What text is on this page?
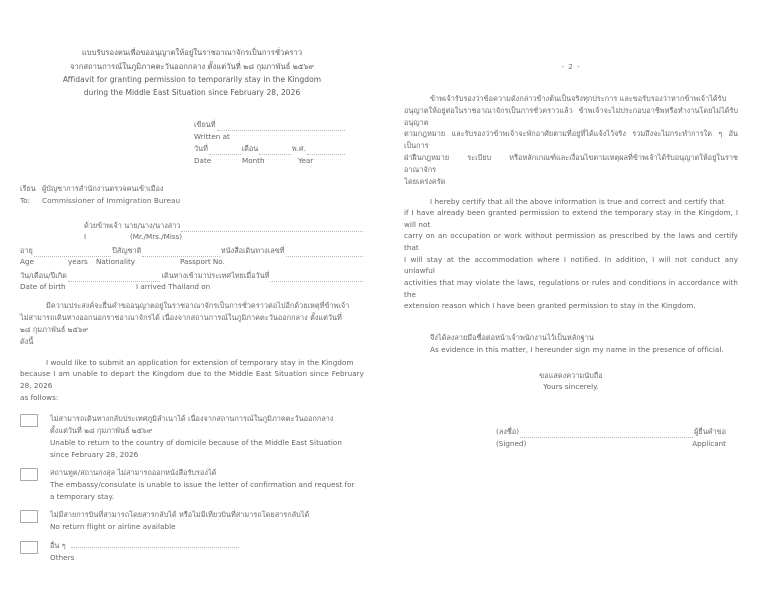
แบบรับรองตนเพื่อขออนุญาตให้อยู่ในราชอาณาจักรเป็นการชั่วคราว
จากสถานการณ์ในภูมิภาคตะวันออกกลาง ตั้งแต่วันที่ ๒๘ กุมภาพันธ์ ๒๕๖๙
Affidavit for granting permission to temporarily stay in the Kingdom
during the Middle East Situation since February 28, 2026
เขียนที่
Written at
วันที่	เดือน	พ.ศ.
Date	Month	Year
เรียน ผู้บัญชาการสำนักงานตรวจคนเข้าเมือง
To:	Commissioner of Immigration Bureau
ด้วยข้าพเจ้า นาย/นาง/นางสาว
I	(Mr./Mrs./Miss)
อายุ	ปี สัญชาติ	หนังสือเดินทางเลขที่
Age	years	Nationality	Passport No.
วัน/เดือน/ปีเกิด	เดินทางเข้ามาประเทศไทยเมื่อวันที่
Date of birth	I arrived Thailand on
มีความประสงค์จะยื่นคำขออนุญาตอยู่ในราชอาณาจักรเป็นการชั่วคราวต่อไปอีกด้วยเหตุที่ข้าพเจ้า
ไม่สามารถเดินทางออกนอกราชอาณาจักรได้ เนื่องจากสถานการณ์ในภูมิภาคตะวันออกกลาง ตั้งแต่วันที่
๒๘ กุมภาพันธ์ ๒๕๖๙
ดังนี้
I would like to submit an application for extension of temporary stay in the Kingdom
because I am unable to depart the Kingdom due to the Middle East Situation since February 28, 2026
as follows:
ไม่สามารถเดินทางกลับประเทศภูมิลำเนาได้ เนื่องจากสถานการณ์ในภูมิภาคตะวันออกกลาง
ตั้งแต่วันที่ ๒๘ กุมภาพันธ์ ๒๕๖๙
Unable to return to the country of domicile because of the Middle East Situation
since February 28, 2026
สถานทูต/สถานกงสุล ไม่สามารถออกหนังสือรับรองได้
The embassy/consulate is unable to issue the letter of confirmation and request for
a temporary stay.
ไม่มีสายการบินที่สามารถโดยสารกลับได้ หรือไม่มีเที่ยวบินที่สามารถโดยสารกลับได้
No return flight or airline available
อื่น ๆ
Others
- 2 -
ข้าพเจ้ารับรองว่าข้อความดังกล่าวข้างต้นเป็นจริงทุกประการ และขอรับรองว่าหากข้าพเจ้าได้รับ
อนุญาตให้อยู่ต่อในราชอาณาจักรเป็นการชั่วคราวแล้ว ข้าพเจ้าจะไม่ประกอบอาชีพหรือทำงานโดยไม่ได้รับอนุญาต
ตามกฎหมาย และรับรองว่าข้าพเจ้าจะพักอาศัยตามที่อยู่ที่ได้แจ้งไว้จริง รวมถึงจะไม่กระทำการใด ๆ อันเป็นการ
ฝ่าฝืนกฎหมาย ระเบียบ หรือหลักเกณฑ์และเงื่อนไขตามเหตุผลที่ข้าพเจ้าได้รับอนุญาตให้อยู่ในราชอาณาจักร
โดยเคร่งครัด
I hereby certify that all the above information is true and correct and certify that
if I have already been granted permission to extend the temporary stay in the Kingdom, I will not
carry on an occupation or work without permission as prescribed by the laws and certify that
I will stay at the accommodation where I notified. In addition, I will not conduct any unlawful
activities that may violate the laws, regulations or rules and conditions in accordance with the
extension reason which I have been granted permission to stay in the Kingdom.
จึงได้ลงลายมือชื่อต่อหน้าเจ้าพนักงานไว้เป็นหลักฐาน
As evidence in this matter, I hereunder sign my name in the presence of official.
ขอแสดงความนับถือ
Yours sincerely.
(ลงชื่อ)	ผู้ยื่นคำขอ
(Signed)	Applicant
